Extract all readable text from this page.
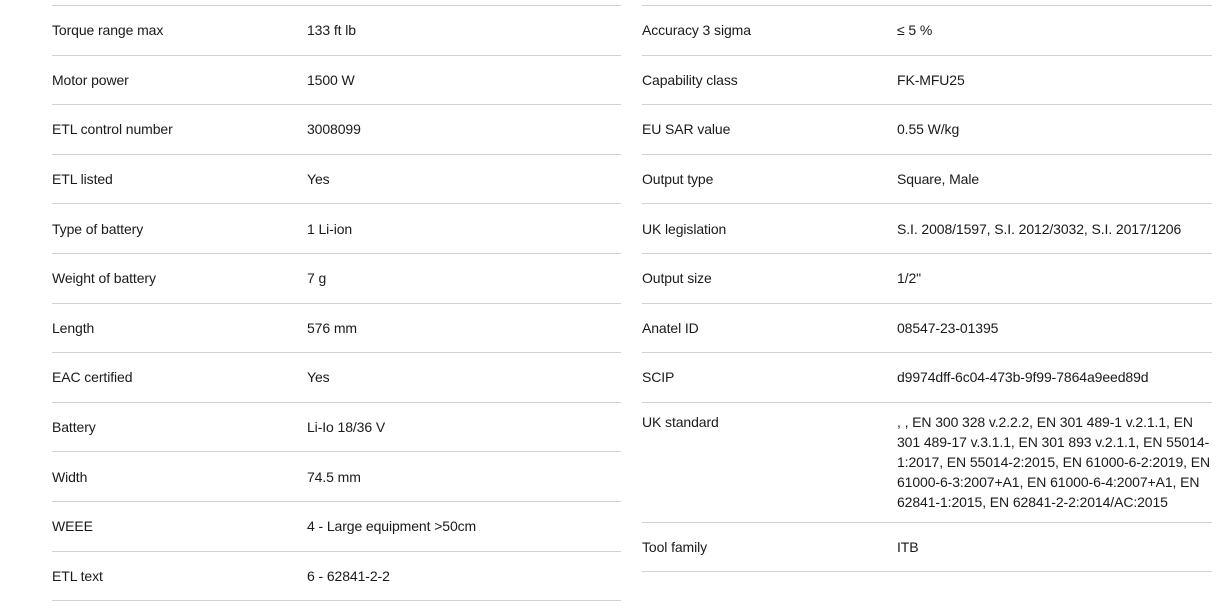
Torque range max	133 ft lb
Motor power	1500 W
ETL control number	3008099
ETL listed	Yes
Type of battery	1 Li-ion
Weight of battery	7 g
Length	576 mm
EAC certified	Yes
Battery	Li-Io 18/36 V
Width	74.5 mm
WEEE	4 - Large equipment >50cm
ETL text	6 - 62841-2-2
Accuracy 3 sigma	≤ 5 %
Capability class	FK-MFU25
EU SAR value	0.55 W/kg
Output type	Square, Male
UK legislation	S.I. 2008/1597, S.I. 2012/3032, S.I. 2017/1206
Output size	1/2"
Anatel ID	08547-23-01395
SCIP	d9974dff-6c04-473b-9f99-7864a9eed89d
UK standard	, , EN 300 328 v.2.2.2, EN 301 489-1 v.2.1.1, EN 301 489-17 v.3.1.1, EN 301 893 v.2.1.1, EN 55014-1:2017, EN 55014-2:2015, EN 61000-6-2:2019, EN 61000-6-3:2007+A1, EN 61000-6-4:2007+A1, EN 62841-1:2015, EN 62841-2-2:2014/AC:2015
Tool family	ITB
